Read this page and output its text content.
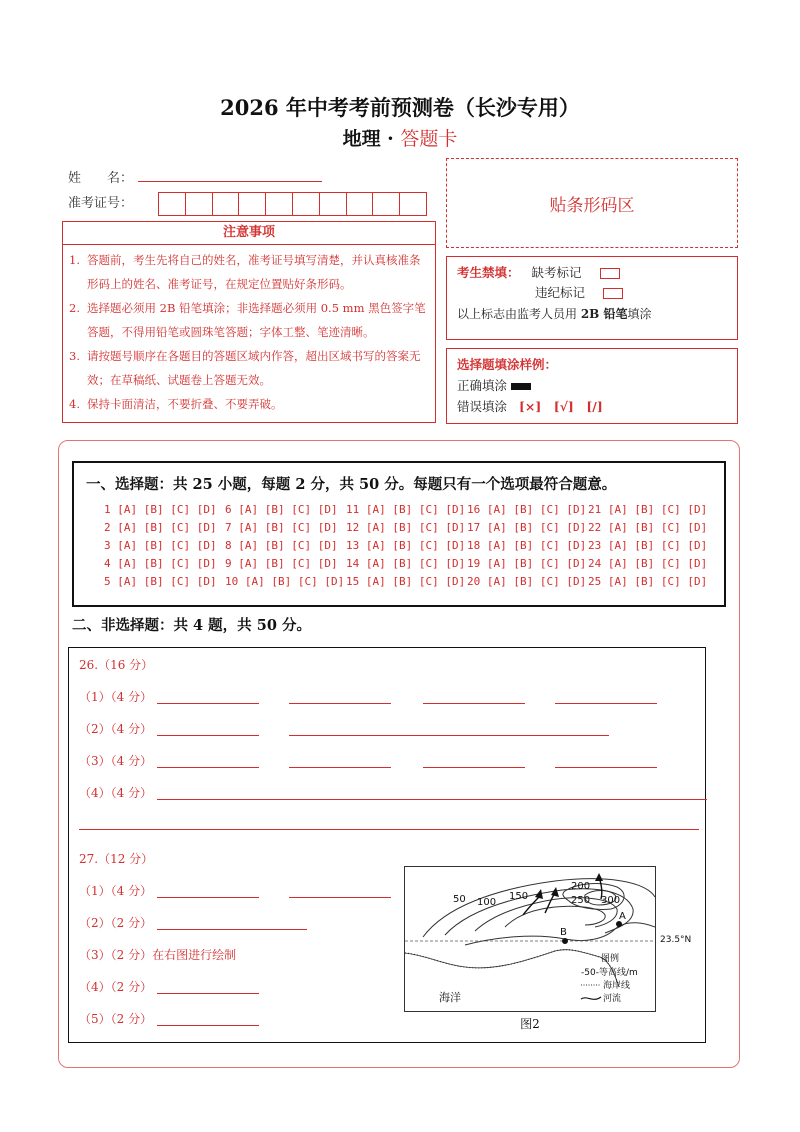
2026 年中考考前预测卷（长沙专用）
地理 · 答题卡
姓　　名：
准考证号：	贴条形码区
注意事项
1. 答题前，考生先将自己的姓名，准考证号填写清楚，并认真核准条形码上的姓名、准考证号，在规定位置贴好条形码。
2. 选择题必须用 2B 铅笔填涂；非选择题必须用 0.5 mm 黑色签字笔答题，不得用铅笔或圆珠笔答题；字体工整、笔迹清晰。
3. 请按题号顺序在各题目的答题区域内作答，超出区域书写的答案无效；在草稿纸、试题卷上答题无效。
4. 保持卡面清洁，不要折叠、不要弄破。
考生禁填： 缺考标记
违纪标记
以上标志由监考人员用 2B 铅笔填涂
选择题填涂样例：
正确填涂
错误填涂 [×]　[√]　[/]
一、选择题：共 25 小题，每题 2 分，共 50 分。每题只有一个选项最符合题意。
1 [A] [B] [C] [D] 6 [A] [B] [C] [D] 11 [A] [B] [C] [D] 16 [A] [B] [C] [D] 21 [A] [B] [C] [D]
2 [A] [B] [C] [D] 7 [A] [B] [C] [D] 12 [A] [B] [C] [D] 17 [A] [B] [C] [D] 22 [A] [B] [C] [D]
3 [A] [B] [C] [D] 8 [A] [B] [C] [D] 13 [A] [B] [C] [D] 18 [A] [B] [C] [D] 23 [A] [B] [C] [D]
4 [A] [B] [C] [D] 9 [A] [B] [C] [D] 14 [A] [B] [C] [D] 19 [A] [B] [C] [D] 24 [A] [B] [C] [D]
5 [A] [B] [C] [D] 10 [A] [B] [C] [D] 15 [A] [B] [C] [D] 20 [A] [B] [C] [D] 25 [A] [B] [C] [D]
二、非选择题：共 4 题，共 50 分。
26.（16 分）
（1）（4 分）
（2）（4 分）
（3）（4 分）
（4）（4 分）
27.（12 分）
（1）（4 分）
（2）（2 分）
（3）（2 分）在右图进行绘制
（4）（2 分）
（5）（2 分）
50 100
150
200
250 300
A
B
海洋
图例
-50-等高线/m
海岸线
河流
23.5°N
图2
